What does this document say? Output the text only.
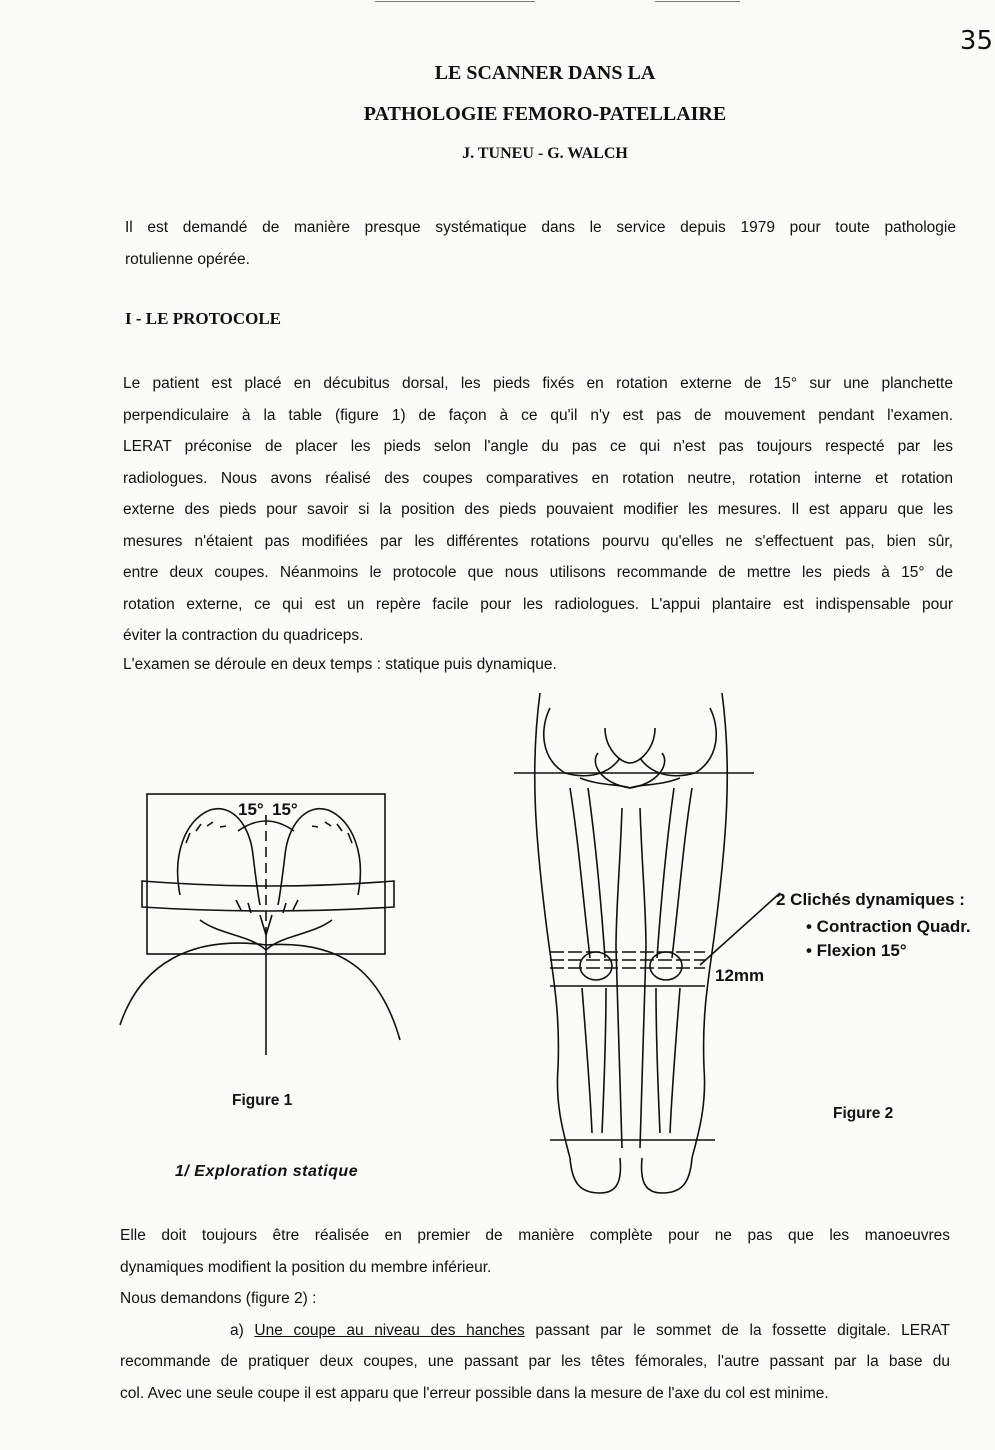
35
LE SCANNER DANS LA
PATHOLOGIE FEMORO-PATELLAIRE
J. TUNEU - G. WALCH
Il est demandé de manière presque systématique dans le service depuis 1979 pour toute pathologie
rotulienne opérée.
I - LE PROTOCOLE
Le patient est placé en décubitus dorsal, les pieds fixés en rotation externe de 15° sur une planchette
perpendiculaire à la table (figure 1) de façon à ce qu'il n'y est pas de mouvement pendant l'examen.
LERAT préconise de placer les pieds selon l'angle du pas ce qui n'est pas toujours respecté par les
radiologues. Nous avons réalisé des coupes comparatives en rotation neutre, rotation interne et rotation
externe des pieds pour savoir si la position des pieds pouvaient modifier les mesures. Il est apparu que les
mesures n'étaient pas modifiées par les différentes rotations pourvu qu'elles ne s'effectuent pas, bien sûr,
entre deux coupes. Néanmoins le protocole que nous utilisons recommande de mettre les pieds à 15° de
rotation externe, ce qui est un repère facile pour les radiologues. L'appui plantaire est indispensable pour
éviter la contraction du quadriceps.
L'examen se déroule en deux temps : statique puis dynamique.
15° 15°
Figure 1
12mm
2 Clichés dynamiques :
• Contraction Quadr.
• Flexion 15°
Figure 2
1/ Exploration statique
Elle doit toujours être réalisée en premier de manière complète pour ne pas que les manoeuvres
dynamiques modifient la position du membre inférieur.
Nous demandons (figure 2) :
a) Une coupe au niveau des hanches passant par le sommet de la fossette digitale. LERAT
recommande de pratiquer deux coupes, une passant par les têtes fémorales, l'autre passant par la base du
col. Avec une seule coupe il est apparu que l'erreur possible dans la mesure de l'axe du col est minime.
